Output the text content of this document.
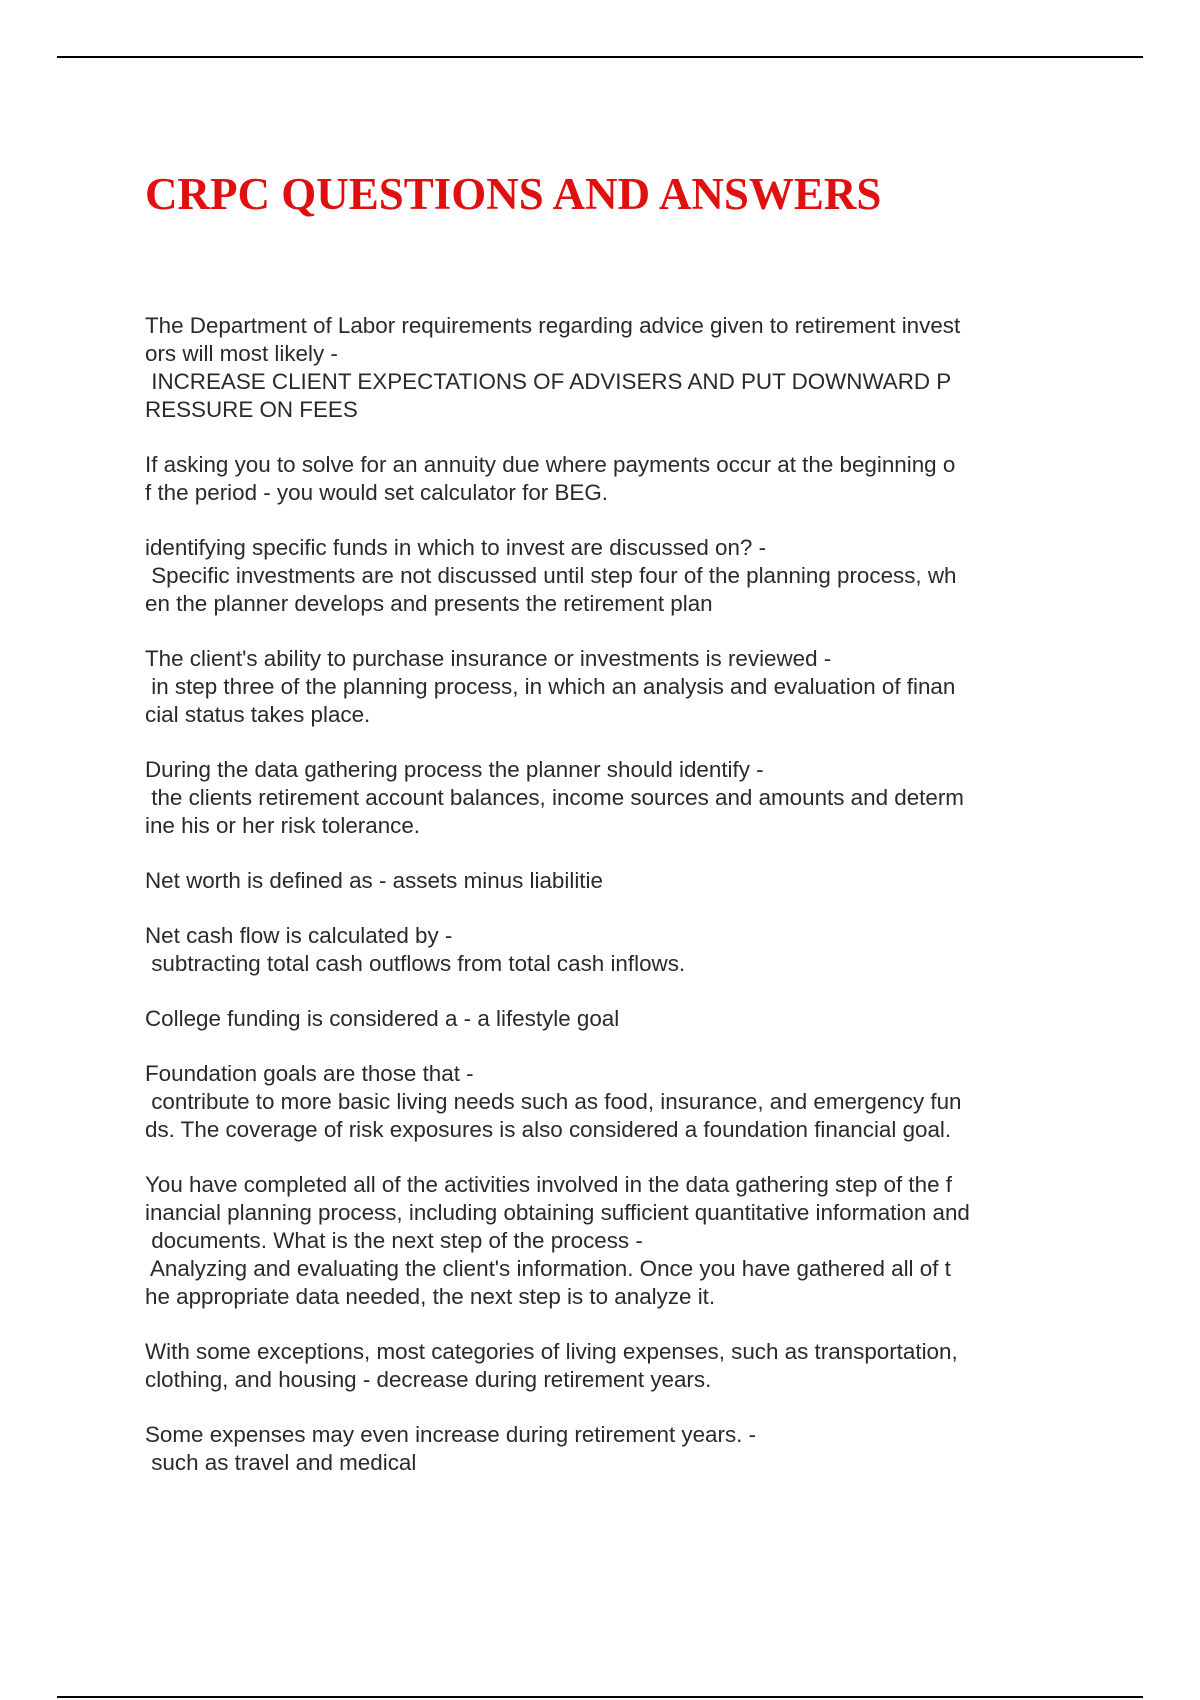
CRPC QUESTIONS AND ANSWERS
The Department of Labor requirements regarding advice given to retirement invest
ors will most likely -
INCREASE CLIENT EXPECTATIONS OF ADVISERS AND PUT DOWNWARD P
RESSURE ON FEES
If asking you to solve for an annuity due where payments occur at the beginning o
f the period - you would set calculator for BEG.
identifying specific funds in which to invest are discussed on? -
Specific investments are not discussed until step four of the planning process, wh
en the planner develops and presents the retirement plan
The client's ability to purchase insurance or investments is reviewed -
in step three of the planning process, in which an analysis and evaluation of finan
cial status takes place.
During the data gathering process the planner should identify -
the clients retirement account balances, income sources and amounts and determ
ine his or her risk tolerance.
Net worth is defined as - assets minus liabilitie
Net cash flow is calculated by -
subtracting total cash outflows from total cash inflows.
College funding is considered a - a lifestyle goal
Foundation goals are those that -
contribute to more basic living needs such as food, insurance, and emergency fun
ds. The coverage of risk exposures is also considered a foundation financial goal.
You have completed all of the activities involved in the data gathering step of the f
inancial planning process, including obtaining sufficient quantitative information and
documents. What is the next step of the process -
Analyzing and evaluating the client's information. Once you have gathered all of t
he appropriate data needed, the next step is to analyze it.
With some exceptions, most categories of living expenses, such as transportation,
clothing, and housing - decrease during retirement years.
Some expenses may even increase during retirement years. -
such as travel and medical
